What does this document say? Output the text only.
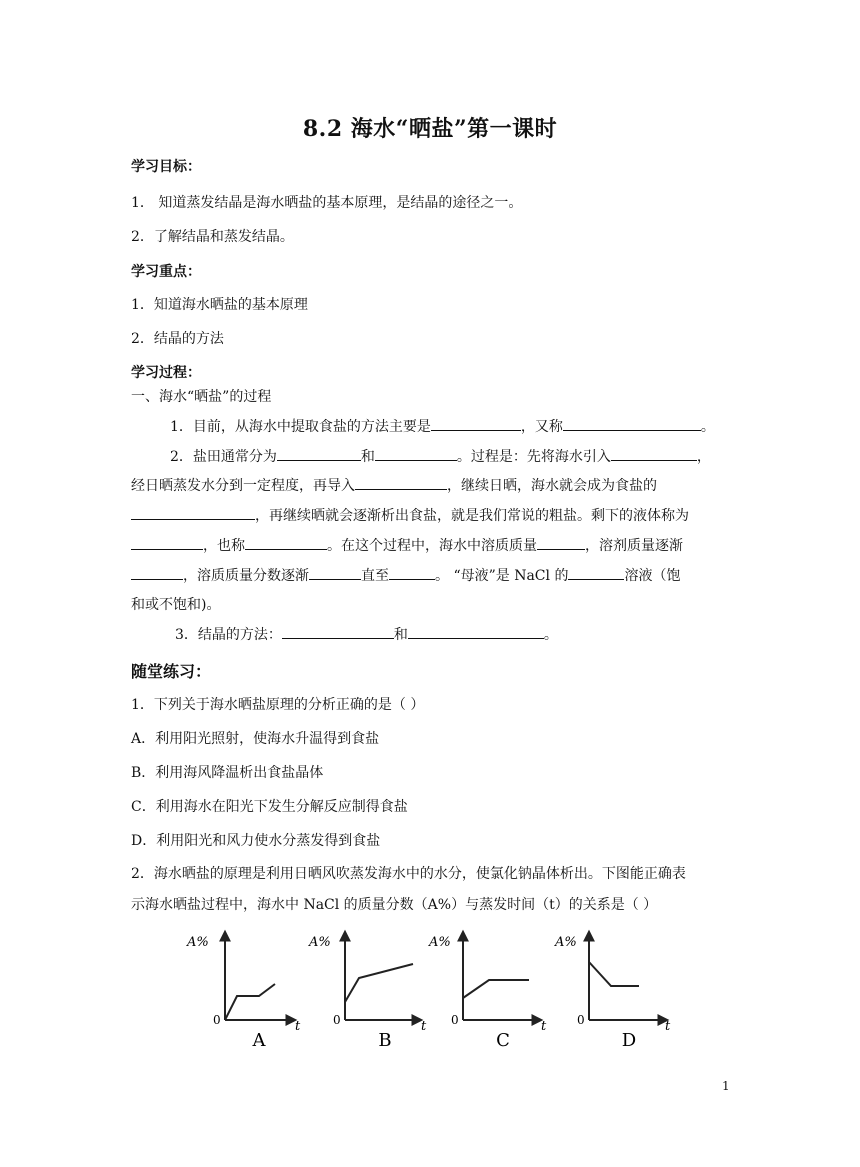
8.2 海水“晒盐”第一课时
学习目标：
1． 知道蒸发结晶是海水晒盐的基本原理，是结晶的途径之一。
2．了解结晶和蒸发结晶。
学习重点：
1．知道海水晒盐的基本原理
2．结晶的方法
学习过程：
一、海水“晒盐”的过程
1．目前，从海水中提取食盐的方法主要是	，又称	。
2．盐田通常分为	和	。过程是：先将海水引入	，
经日晒蒸发水分到一定程度，再导入	，继续日晒，海水就会成为食盐的
，再继续晒就会逐渐析出食盐，就是我们常说的粗盐。剩下的液体称为
，也称	。在这个过程中，海水中溶质质量	，溶剂质量逐渐
，溶质质量分数逐渐	直至	。 “母液”是 NaCl 的	溶液（饱
和或不饱和)。
3．结晶的方法：	和	。
随堂练习：
1．下列关于海水晒盐原理的分析正确的是（ ）
A．利用阳光照射，使海水升温得到食盐
B．利用海风降温析出食盐晶体
C．利用海水在阳光下发生分解反应制得食盐
D．利用阳光和风力使水分蒸发得到食盐
2．海水晒盐的原理是利用日晒风吹蒸发海水中的水分，使氯化钠晶体析出。下图能正确表
示海水晒盐过程中，海水中 NaCl 的质量分数（A%）与蒸发时间（t）的关系是（ ）
A%
0	t
A
A%
0	t
B
A%
0	t
C
A%
0	t
D
1
